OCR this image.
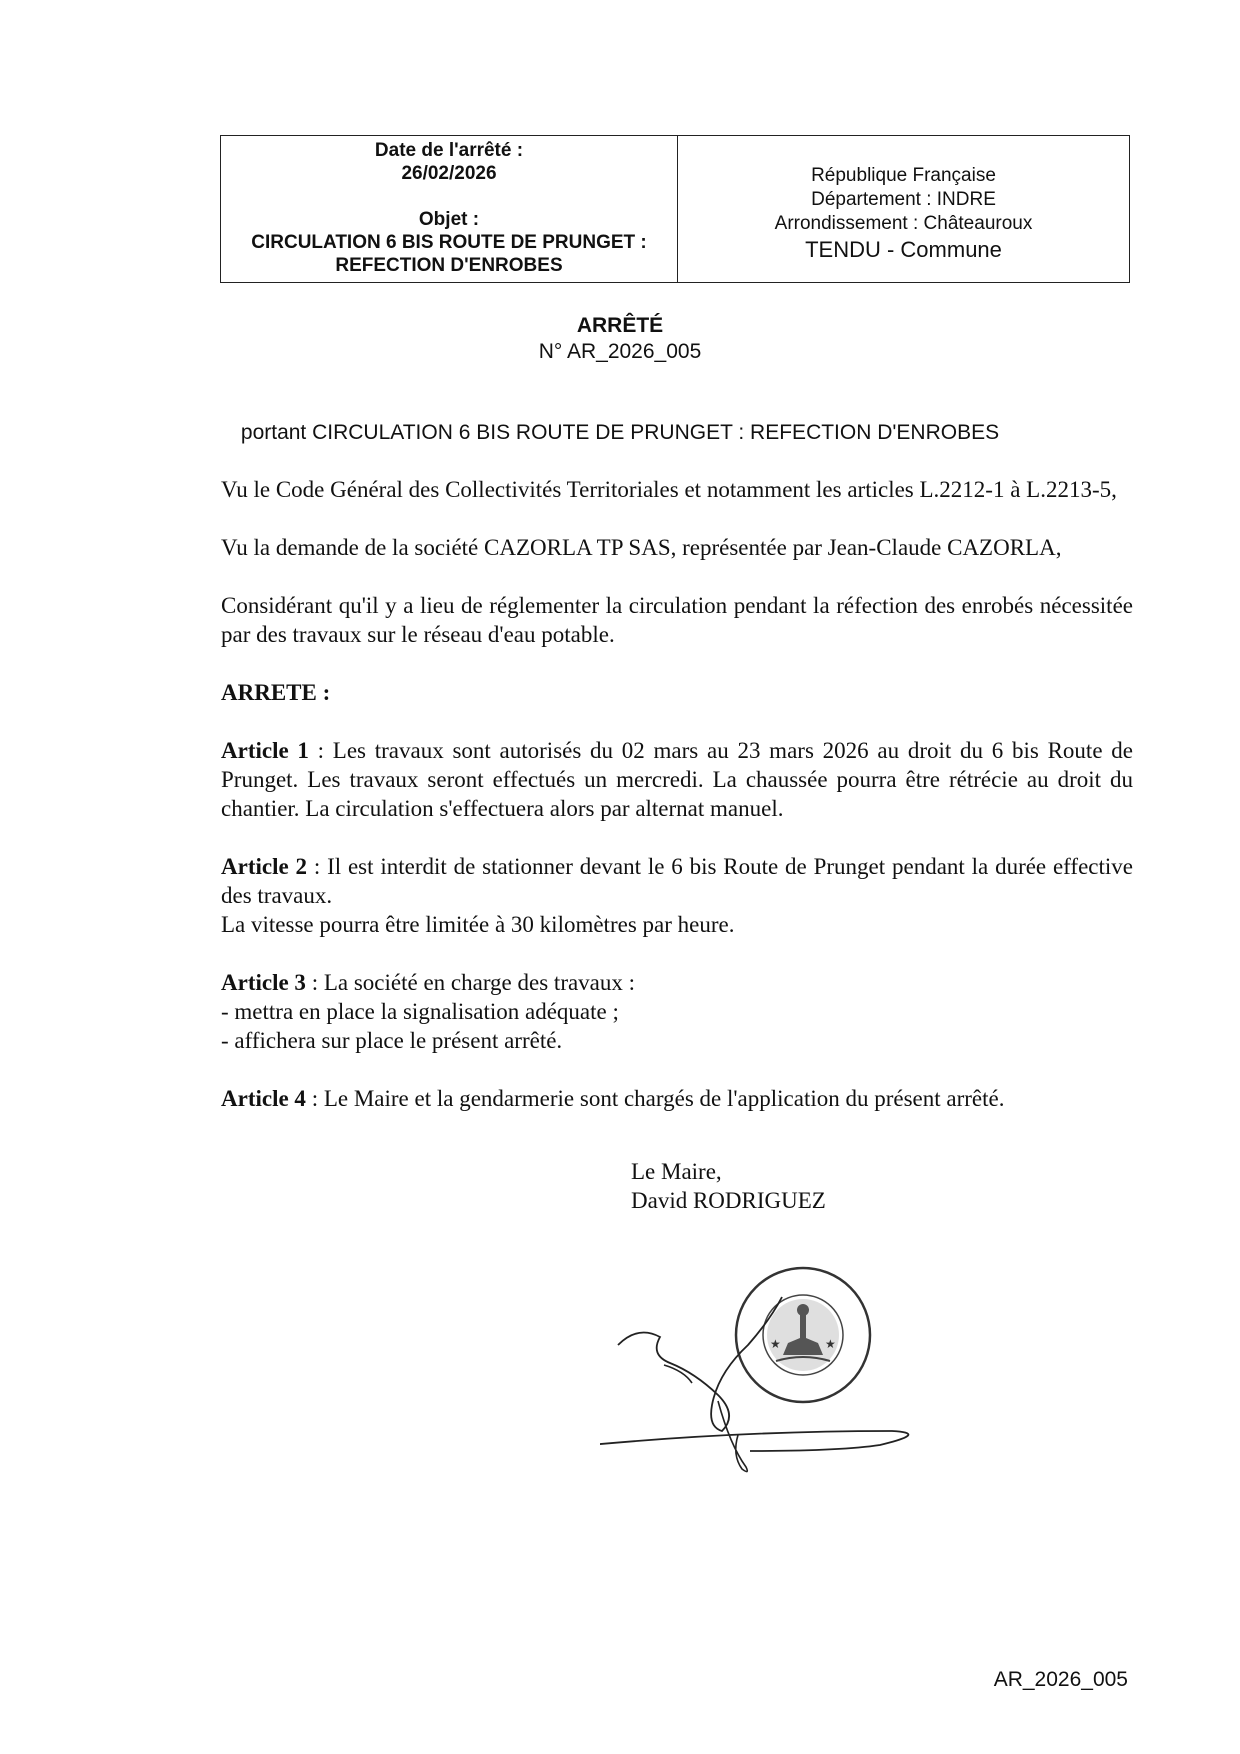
Date de l'arrêté :
26/02/2026
Objet :
CIRCULATION 6 BIS ROUTE DE PRUNGET :
REFECTION D'ENROBES
République Française
Département : INDRE
Arrondissement : Châteauroux
TENDU - Commune
ARRÊTÉ
N° AR_2026_005
portant CIRCULATION 6 BIS ROUTE DE PRUNGET : REFECTION D'ENROBES

Vu le Code Général des Collectivités Territoriales et notamment les articles L.2212-1 à L.2213-5,

Vu la demande de la société CAZORLA TP SAS, représentée par Jean-Claude CAZORLA,

Considérant qu'il y a lieu de réglementer la circulation pendant la réfection des enrobés nécessitée par des travaux sur le réseau d'eau potable.

ARRETE :

Article 1 : Les travaux sont autorisés du 02 mars au 23 mars 2026 au droit du 6 bis Route de Prunget. Les travaux seront effectués un mercredi. La chaussée pourra être rétrécie au droit du chantier. La circulation s'effectuera alors par alternat manuel.

Article 2 : Il est interdit de stationner devant le 6 bis Route de Prunget pendant la durée effective des travaux.

La vitesse pourra être limitée à 30 kilomètres par heure.

Article 3 : La société en charge des travaux :

- mettra en place la signalisation adéquate ;

- affichera sur place le présent arrêté.

Article 4 : Le Maire et la gendarmerie sont chargés de l'application du présent arrêté.

Le Maire,
David RODRIGUEZ
★	★
AR_2026_005
